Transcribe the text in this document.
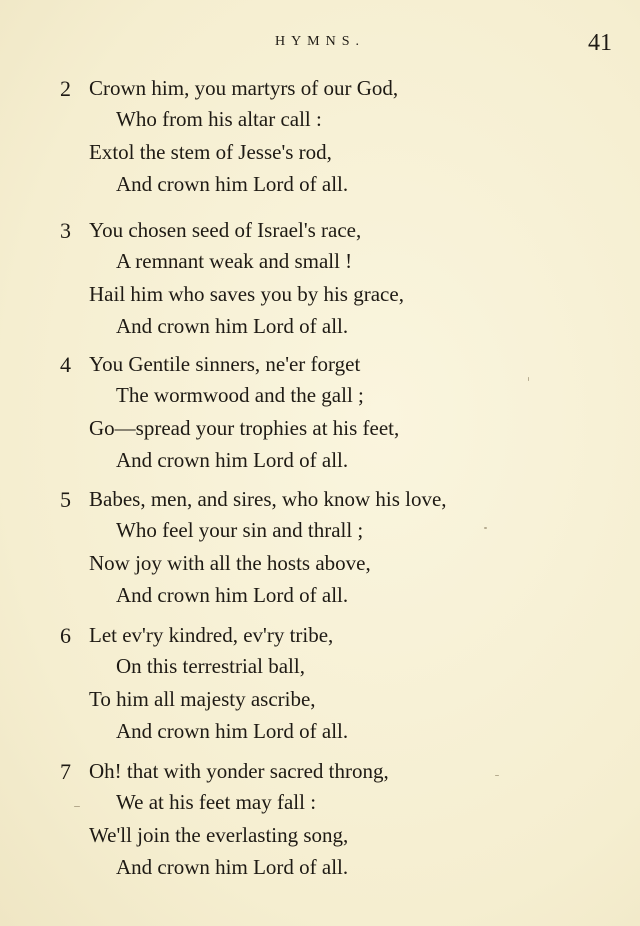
HYMNS.	41
2 Crown him, you martyrs of our God,
Who from his altar call :
Extol the stem of Jesse's rod,
And crown him Lord of all.
3 You chosen seed of Israel's race,
A remnant weak and small !
Hail him who saves you by his grace,
And crown him Lord of all.
4 You Gentile sinners, ne'er forget
The wormwood and the gall ;
Go—spread your trophies at his feet,
And crown him Lord of all.
5 Babes, men, and sires, who know his love,
Who feel your sin and thrall ;
Now joy with all the hosts above,
And crown him Lord of all.
6 Let ev'ry kindred, ev'ry tribe,
On this terrestrial ball,
To him all majesty ascribe,
And crown him Lord of all.
7 Oh! that with yonder sacred throng,
We at his feet may fall :
We'll join the everlasting song,
And crown him Lord of all.
